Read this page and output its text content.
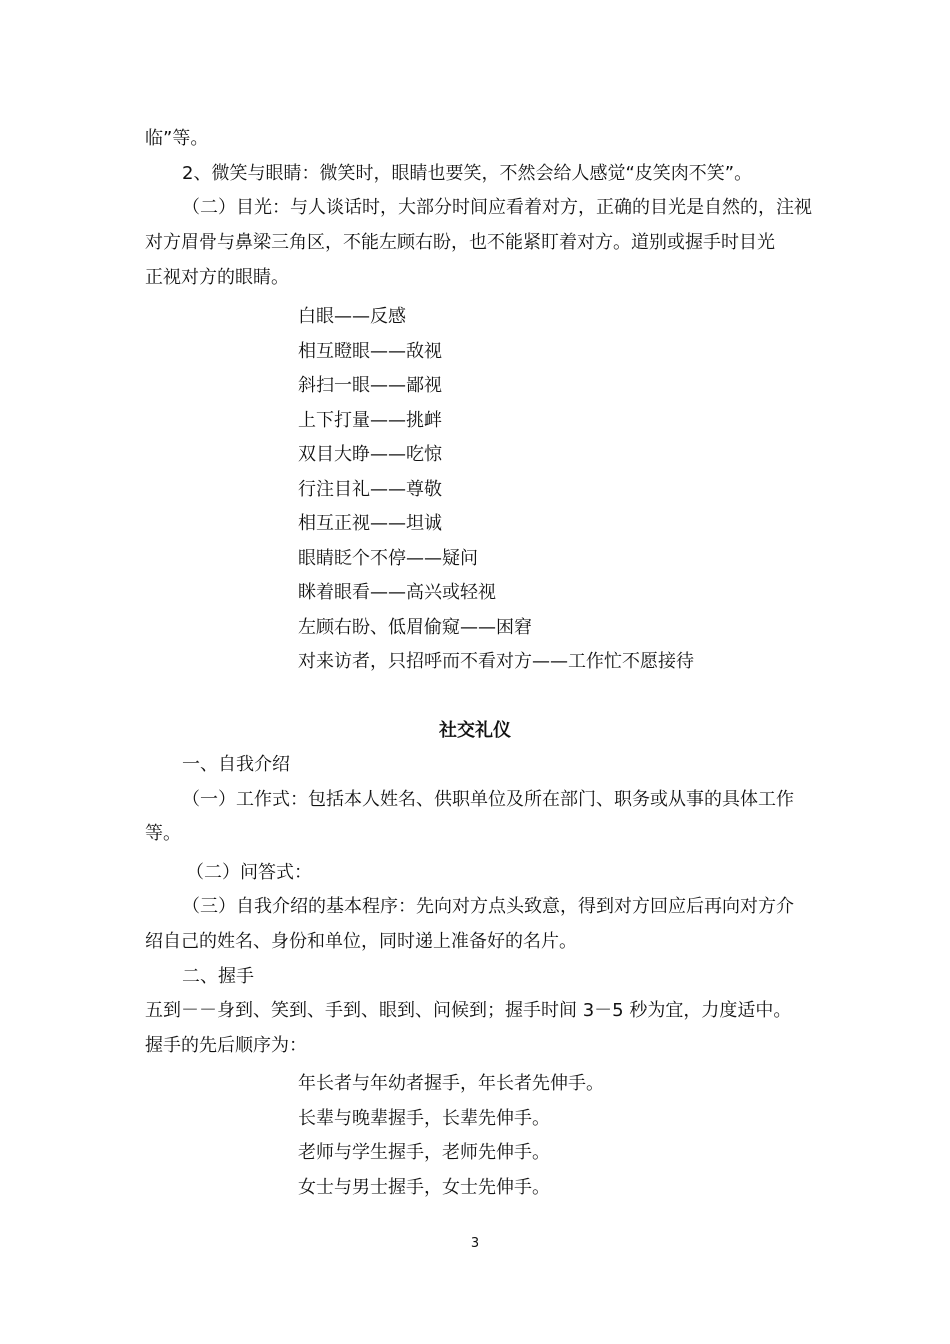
临”等。
2、微笑与眼睛：微笑时，眼睛也要笑，不然会给人感觉“皮笑肉不笑”。
（二）目光：与人谈话时，大部分时间应看着对方，正确的目光是自然的，注视
对方眉骨与鼻梁三角区，不能左顾右盼，也不能紧盯着对方。道别或握手时目光
正视对方的眼睛。
白眼——反感
相互瞪眼——敌视
斜扫一眼——鄙视
上下打量——挑衅
双目大睁——吃惊
行注目礼——尊敬
相互正视——坦诚
眼睛眨个不停——疑问
眯着眼看——高兴或轻视
左顾右盼、低眉偷窥——困窘
对来访者，只招呼而不看对方——工作忙不愿接待
社交礼仪
一、自我介绍
（一）工作式：包括本人姓名、供职单位及所在部门、职务或从事的具体工作
等。
（二）问答式：
（三）自我介绍的基本程序：先向对方点头致意，得到对方回应后再向对方介
绍自己的姓名、身份和单位，同时递上准备好的名片。
二、握手
五到－－身到、笑到、手到、眼到、问候到；握手时间 3－5 秒为宜，力度适中。
握手的先后顺序为：
年长者与年幼者握手，年长者先伸手。
长辈与晚辈握手，长辈先伸手。
老师与学生握手，老师先伸手。
女士与男士握手，女士先伸手。
3
